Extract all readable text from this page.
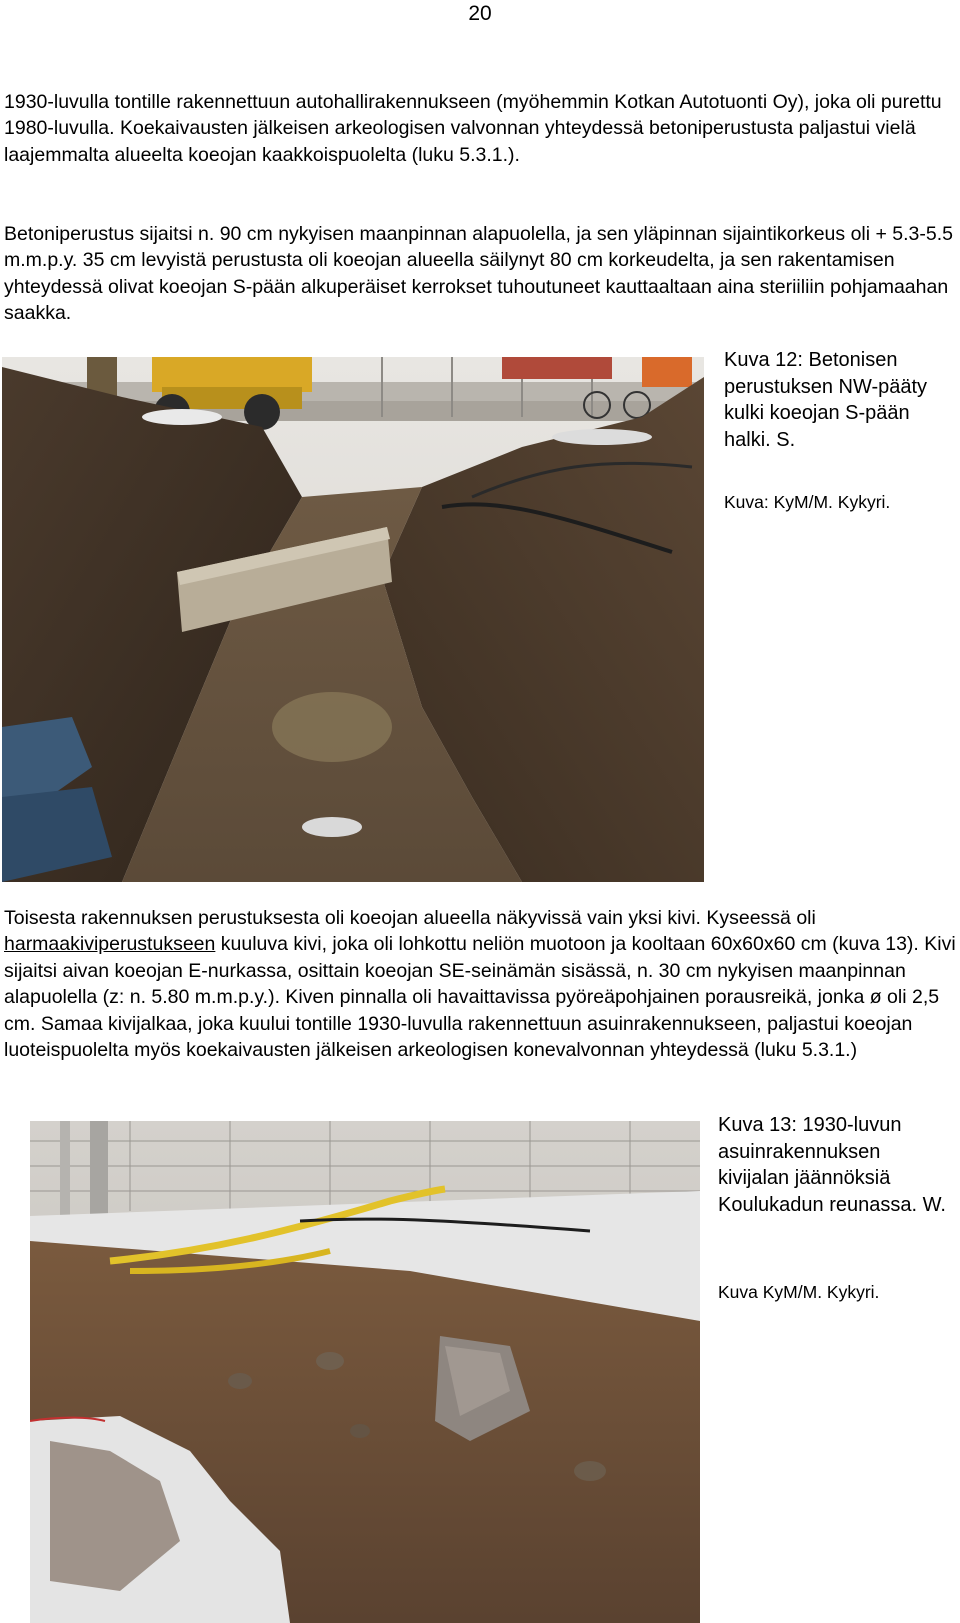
20

1930-luvulla tontille rakennettuun autohallirakennukseen (myöhemmin Kotkan Autotuonti Oy), joka oli purettu 1980-luvulla. Koekaivausten jälkeisen arkeologisen valvonnan yhteydessä betoniperustusta paljastui vielä laajemmalta alueelta koeojan kaakkoispuolelta (luku 5.3.1.).

Betoniperustus sijaitsi n. 90 cm nykyisen maanpinnan alapuolella, ja sen yläpinnan sijaintikorkeus oli + 5.3-5.5 m.m.p.y. 35 cm levyistä perustusta oli koeojan alueella säilynyt 80 cm korkeudelta, ja sen rakentamisen yhteydessä olivat koeojan S-pään alkuperäiset kerrokset tuhoutuneet kauttaaltaan aina steriiliin pohjamaahan saakka.

Kuva 12: Betonisen perustuksen NW-pääty kulki koeojan S-pään halki. S.

Kuva: KyM/M. Kykyri.

Toisesta rakennuksen perustuksesta oli koeojan alueella näkyvissä vain yksi kivi. Kyseessä oli harmaakiviperustukseen kuuluva kivi, joka oli lohkottu neliön muotoon ja kooltaan 60x60x60 cm (kuva 13). Kivi sijaitsi aivan koeojan E-nurkassa, osittain koeojan SE-seinämän sisässä, n. 30 cm nykyisen maanpinnan alapuolella (z: n. 5.80 m.m.p.y.). Kiven pinnalla oli havaittavissa pyöreäpohjainen porausreikä, jonka ø oli 2,5 cm. Samaa kivijalkaa, joka kuului tontille 1930-luvulla rakennettuun asuinrakennukseen, paljastui koeojan luoteispuolelta myös koekaivausten jälkeisen arkeologisen konevalvonnan yhteydessä (luku 5.3.1.)

Kuva 13: 1930-luvun asuinrakennuksen kivijalan jäännöksiä Koulukadun reunassa. W.

Kuva KyM/M. Kykyri.
